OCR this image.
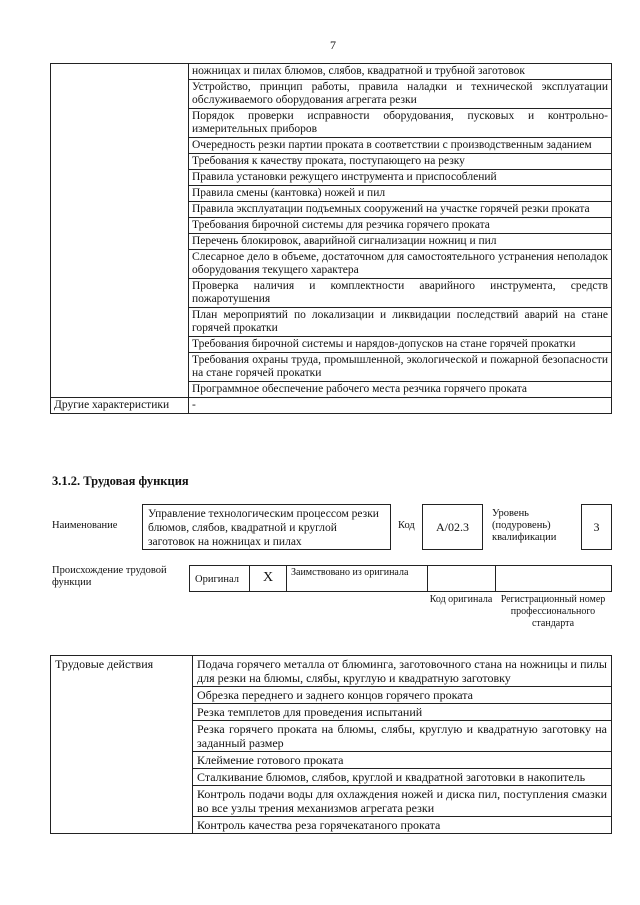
7
	ножницах и пилах блюмов, слябов, квадратной и трубной заготовок
	Устройство, принцип работы, правила наладки и технической эксплуатации обслуживаемого оборудования агрегата резки
	Порядок проверки исправности оборудования, пусковых и контрольно-измерительных приборов
	Очередность резки партии проката в соответствии с производственным заданием
	Требования к качеству проката, поступающего на резку
	Правила установки режущего инструмента и приспособлений
	Правила смены (кантовка) ножей и пил
	Правила эксплуатации подъемных сооружений на участке горячей резки проката
	Требования бирочной системы для резчика горячего проката
	Перечень блокировок, аварийной сигнализации ножниц и пил
	Слесарное дело в объеме, достаточном для самостоятельного устранения неполадок оборудования текущего характера
	Проверка наличия и комплектности аварийного инструмента, средств пожаротушения
	План мероприятий по локализации и ликвидации последствий аварий на стане горячей прокатки
	Требования бирочной системы и нарядов-допусков на стане горячей прокатки
	Требования охраны труда, промышленной, экологической и пожарной безопасности на стане горячей прокатки
	Программное обеспечение рабочего места резчика горячего проката
Другие характеристики	-
3.1.2. Трудовая функция
Наименование
Управление технологическим процессом резки блюмов, слябов, квадратной и круглой заготовок на ножницах и пилах
Код	А/02.3
Уровень (подуровень) квалификации
3
Происхождение трудовой функции	Оригинал	X	Заимствовано из оригинала
Код оригинала Регистрационный номер профессионального стандарта
Трудовые действия	Подача горячего металла от блюминга, заготовочного стана на ножницы и пилы для резки на блюмы, слябы, круглую и квадратную заготовку
Обрезка переднего и заднего концов горячего проката
Резка темплетов для проведения испытаний
Резка горячего проката на блюмы, слябы, круглую и квадратную заготовку на заданный размер
Клеймение готового проката
Сталкивание блюмов, слябов, круглой и квадратной заготовки в накопитель
Контроль подачи воды для охлаждения ножей и диска пил, поступления смазки во все узлы трения механизмов агрегата резки
Контроль качества реза горячекатаного проката
